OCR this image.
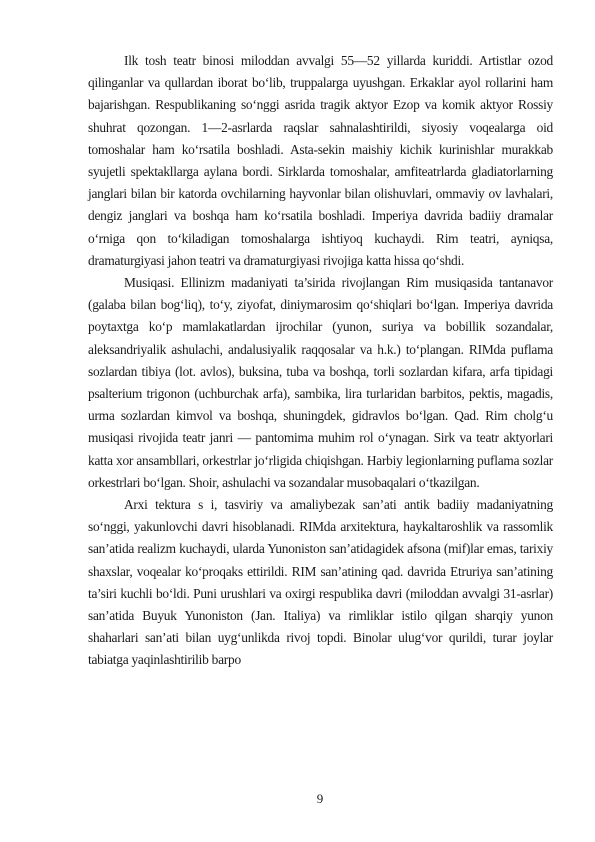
Ilk tosh teatr binosi miloddan avvalgi 55—52 yillarda kuriddi. Artistlar ozod qilinganlar va qullardan iborat bo‘lib, truppalarga uyushgan. Erkaklar ayol rollarini ham bajarishgan. Respublikaning so‘nggi asrida tragik aktyor Ezop va komik aktyor Rossiy shuhrat qozongan. 1—2-asrlarda raqslar sahnalashtirildi, siyosiy voqealarga oid tomoshalar ham ko‘rsatila boshladi. Asta-sekin maishiy kichik kurinishlar murakkab syujetli spektakllarga aylana bordi. Sirklarda tomoshalar, amfiteatrlarda gladiatorlarning janglari bilan bir katorda ovchilarning hayvonlar bilan olishuvlari, ommaviy ov lavhalari, dengiz janglari va boshqa ham ko‘rsatila boshladi. Imperiya davrida badiiy dramalar o‘rniga qon to‘kiladigan tomoshalarga ishtiyoq kuchaydi. Rim teatri, ayniqsa, dramaturgiyasi jahon teatri va dramaturgiyasi rivojiga katta hissa qo‘shdi.

Musiqasi. Ellinizm madaniyati ta’sirida rivojlangan Rim musiqasida tantanavor (galaba bilan bog‘liq), to‘y, ziyofat, diniymarosim qo‘shiqlari bo‘lgan. Imperiya davrida poytaxtga ko‘p mamlakatlardan ijrochilar (yunon, suriya va bobillik sozandalar, aleksandriyalik ashulachi, andalusiyalik raqqosalar va h.k.) to‘plangan. RIMda puflama sozlardan tibiya (lot. avlos), buksina, tuba va boshqa, torli sozlardan kifara, arfa tipidagi psalterium trigonon (uchburchak arfa), sambika, lira turlaridan barbitos, pektis, magadis, urma sozlardan kimvol va boshqa, shuningdek, gidravlos bo‘lgan. Qad. Rim cholg‘u musiqasi rivojida teatr janri — pantomima muhim rol o‘ynagan. Sirk va teatr aktyorlari katta xor ansambllari, orkestrlar jo‘rligida chiqishgan. Harbiy legionlarning puflama sozlar orkestrlari bo‘lgan. Shoir, ashulachi va sozandalar musobaqalari o‘tkazilgan.

Arxi tektura s i, tasviriy va amaliybezak san’ati antik badiiy madaniyatning so‘nggi, yakunlovchi davri hisoblanadi. RIMda arxitektura, haykaltaroshlik va rassomlik san’atida realizm kuchaydi, ularda Yunoniston san’atidagidek afsona (mif)lar emas, tarixiy shaxslar, voqealar ko‘proqaks ettirildi. RIM san’atining qad. davrida Etruriya san’atining ta’siri kuchli bo‘ldi. Puni urushlari va oxirgi respublika davri (miloddan avvalgi 31-asrlar) san’atida Buyuk Yunoniston (Jan. Italiya) va rimliklar istilo qilgan sharqiy yunon shaharlari san’ati bilan uyg‘unlikda rivoj topdi. Binolar ulug‘vor qurildi, turar joylar tabiatga yaqinlashtirilib barpo

9
